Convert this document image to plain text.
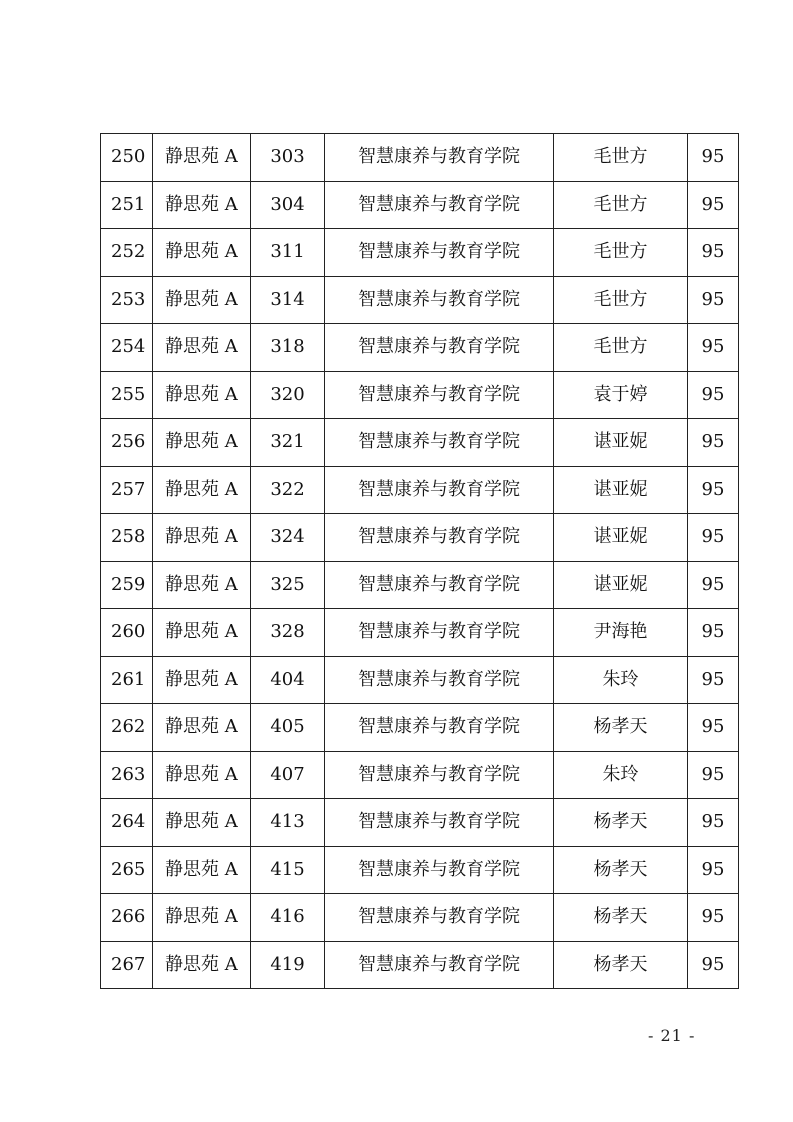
250	静思苑 A	303	智慧康养与教育学院	毛世方	95
251	静思苑 A	304	智慧康养与教育学院	毛世方	95
252	静思苑 A	311	智慧康养与教育学院	毛世方	95
253	静思苑 A	314	智慧康养与教育学院	毛世方	95
254	静思苑 A	318	智慧康养与教育学院	毛世方	95
255	静思苑 A	320	智慧康养与教育学院	袁于婷	95
256	静思苑 A	321	智慧康养与教育学院	谌亚妮	95
257	静思苑 A	322	智慧康养与教育学院	谌亚妮	95
258	静思苑 A	324	智慧康养与教育学院	谌亚妮	95
259	静思苑 A	325	智慧康养与教育学院	谌亚妮	95
260	静思苑 A	328	智慧康养与教育学院	尹海艳	95
261	静思苑 A	404	智慧康养与教育学院	朱玲	95
262	静思苑 A	405	智慧康养与教育学院	杨孝天	95
263	静思苑 A	407	智慧康养与教育学院	朱玲	95
264	静思苑 A	413	智慧康养与教育学院	杨孝天	95
265	静思苑 A	415	智慧康养与教育学院	杨孝天	95
266	静思苑 A	416	智慧康养与教育学院	杨孝天	95
267	静思苑 A	419	智慧康养与教育学院	杨孝天	95
- 21 -
